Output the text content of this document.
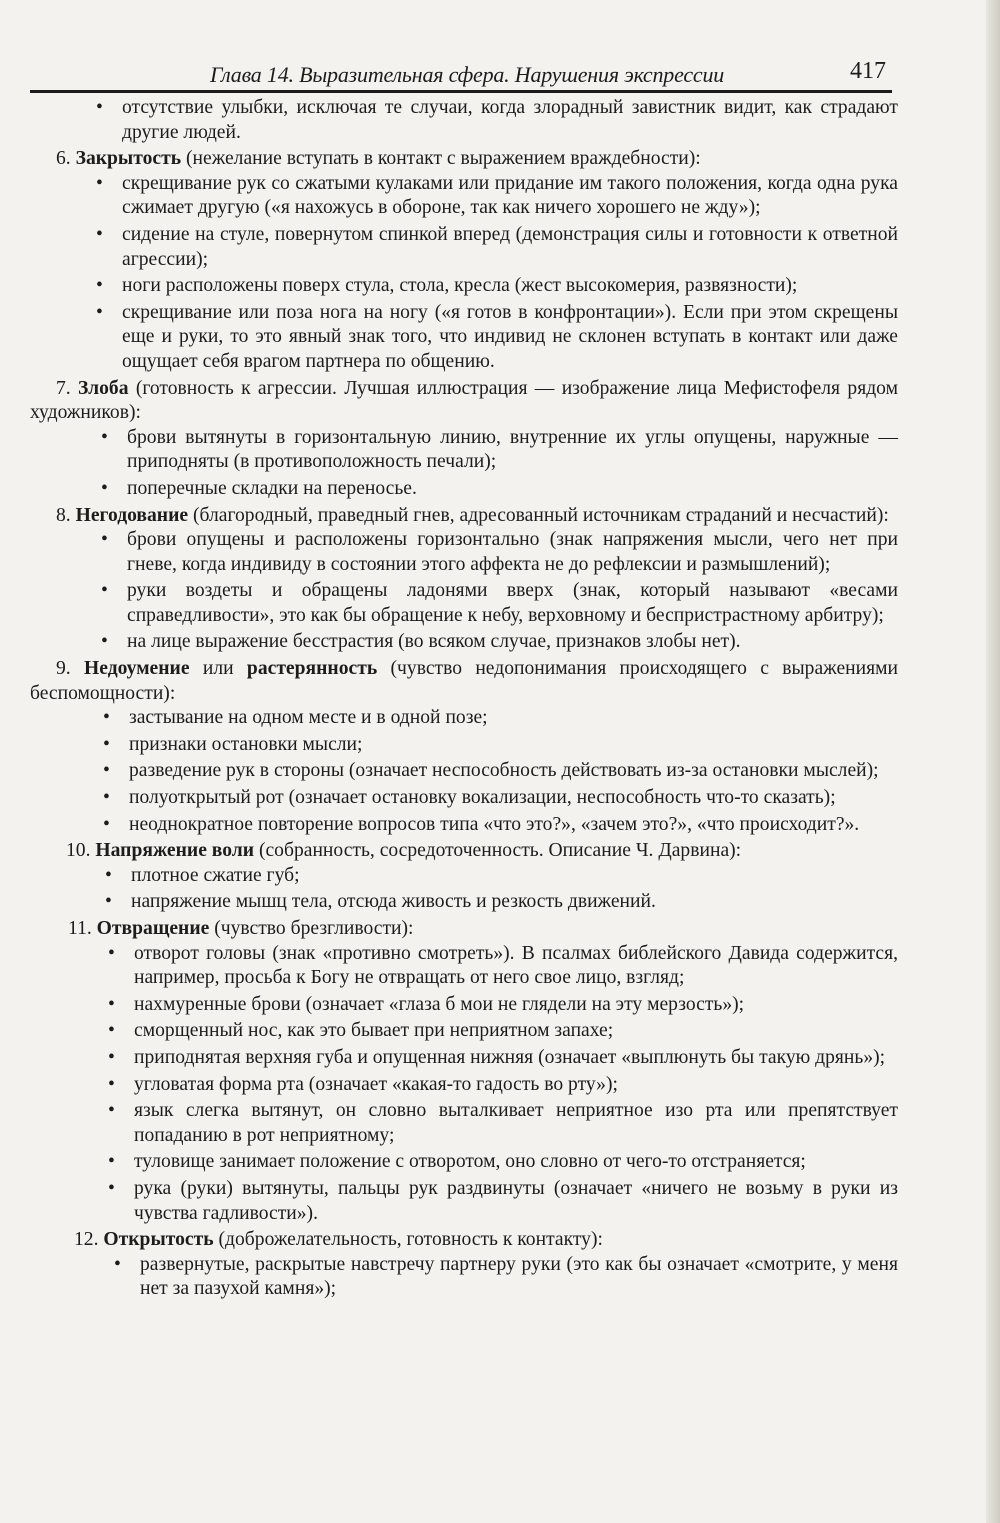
Глава 14. Выразительная сфера. Нарушения экспрессии	417
• отсутствие улыбки, исключая те случаи, когда злорадный завистник видит, как страдают другие людей.
6. Закрытость (нежелание вступать в контакт с выражением враждебности):
• скрещивание рук со сжатыми кулаками или придание им такого положения, когда одна рука сжимает другую («я нахожусь в обороне, так как ничего хорошего не жду»);
• сидение на стуле, повернутом спинкой вперед (демонстрация силы и готовности к ответной агрессии);
• ноги расположены поверх стула, стола, кресла (жест высокомерия, развязности);
• скрещивание или поза нога на ногу («я готов в конфронтации»). Если при этом скрещены еще и руки, то это явный знак того, что индивид не склонен вступать в контакт или даже ощущает себя врагом партнера по общению.
7. Злоба (готовность к агрессии. Лучшая иллюстрация — изображение лица Мефистофеля рядом художников):
• брови вытянуты в горизонтальную линию, внутренние их углы опущены, наружные — приподняты (в противоположность печали);
• поперечные складки на переносье.
8. Негодование (благородный, праведный гнев, адресованный источникам страданий и несчастий):
• брови опущены и расположены горизонтально (знак напряжения мысли, чего нет при гневе, когда индивиду в состоянии этого аффекта не до рефлексии и размышлений);
• руки воздеты и обращены ладонями вверх (знак, который называют «весами справедливости», это как бы обращение к небу, верховному и беспристрастному арбитру);
• на лице выражение бесстрастия (во всяком случае, признаков злобы нет).
9. Недоумение или растерянность (чувство недопонимания происходящего с выражениями беспомощности):
• застывание на одном месте и в одной позе;
• признаки остановки мысли;
• разведение рук в стороны (означает неспособность действовать из-за остановки мыслей);
• полуоткрытый рот (означает остановку вокализации, неспособность что-то сказать);
• неоднократное повторение вопросов типа «что это?», «зачем это?», «что происходит?».
10. Напряжение воли (собранность, сосредоточенность. Описание Ч. Дарвина):
• плотное сжатие губ;
• напряжение мышц тела, отсюда живость и резкость движений.
11. Отвращение (чувство брезгливости):
• отворот головы (знак «противно смотреть»). В псалмах библейского Давида содержится, например, просьба к Богу не отвращать от него свое лицо, взгляд;
• нахмуренные брови (означает «глаза б мои не глядели на эту мерзость»);
• сморщенный нос, как это бывает при неприятном запахе;
• приподнятая верхняя губа и опущенная нижняя (означает «выплюнуть бы такую дрянь»);
• угловатая форма рта (означает «какая-то гадость во рту»);
• язык слегка вытянут, он словно выталкивает неприятное изо рта или препятствует попаданию в рот неприятному;
• туловище занимает положение с отворотом, оно словно от чего-то отстраняется;
• рука (руки) вытянуты, пальцы рук раздвинуты (означает «ничего не возьму в руки из чувства гадливости»).
12. Открытость (доброжелательность, готовность к контакту):
• развернутые, раскрытые навстречу партнеру руки (это как бы означает «смотрите, у меня нет за пазухой камня»);
